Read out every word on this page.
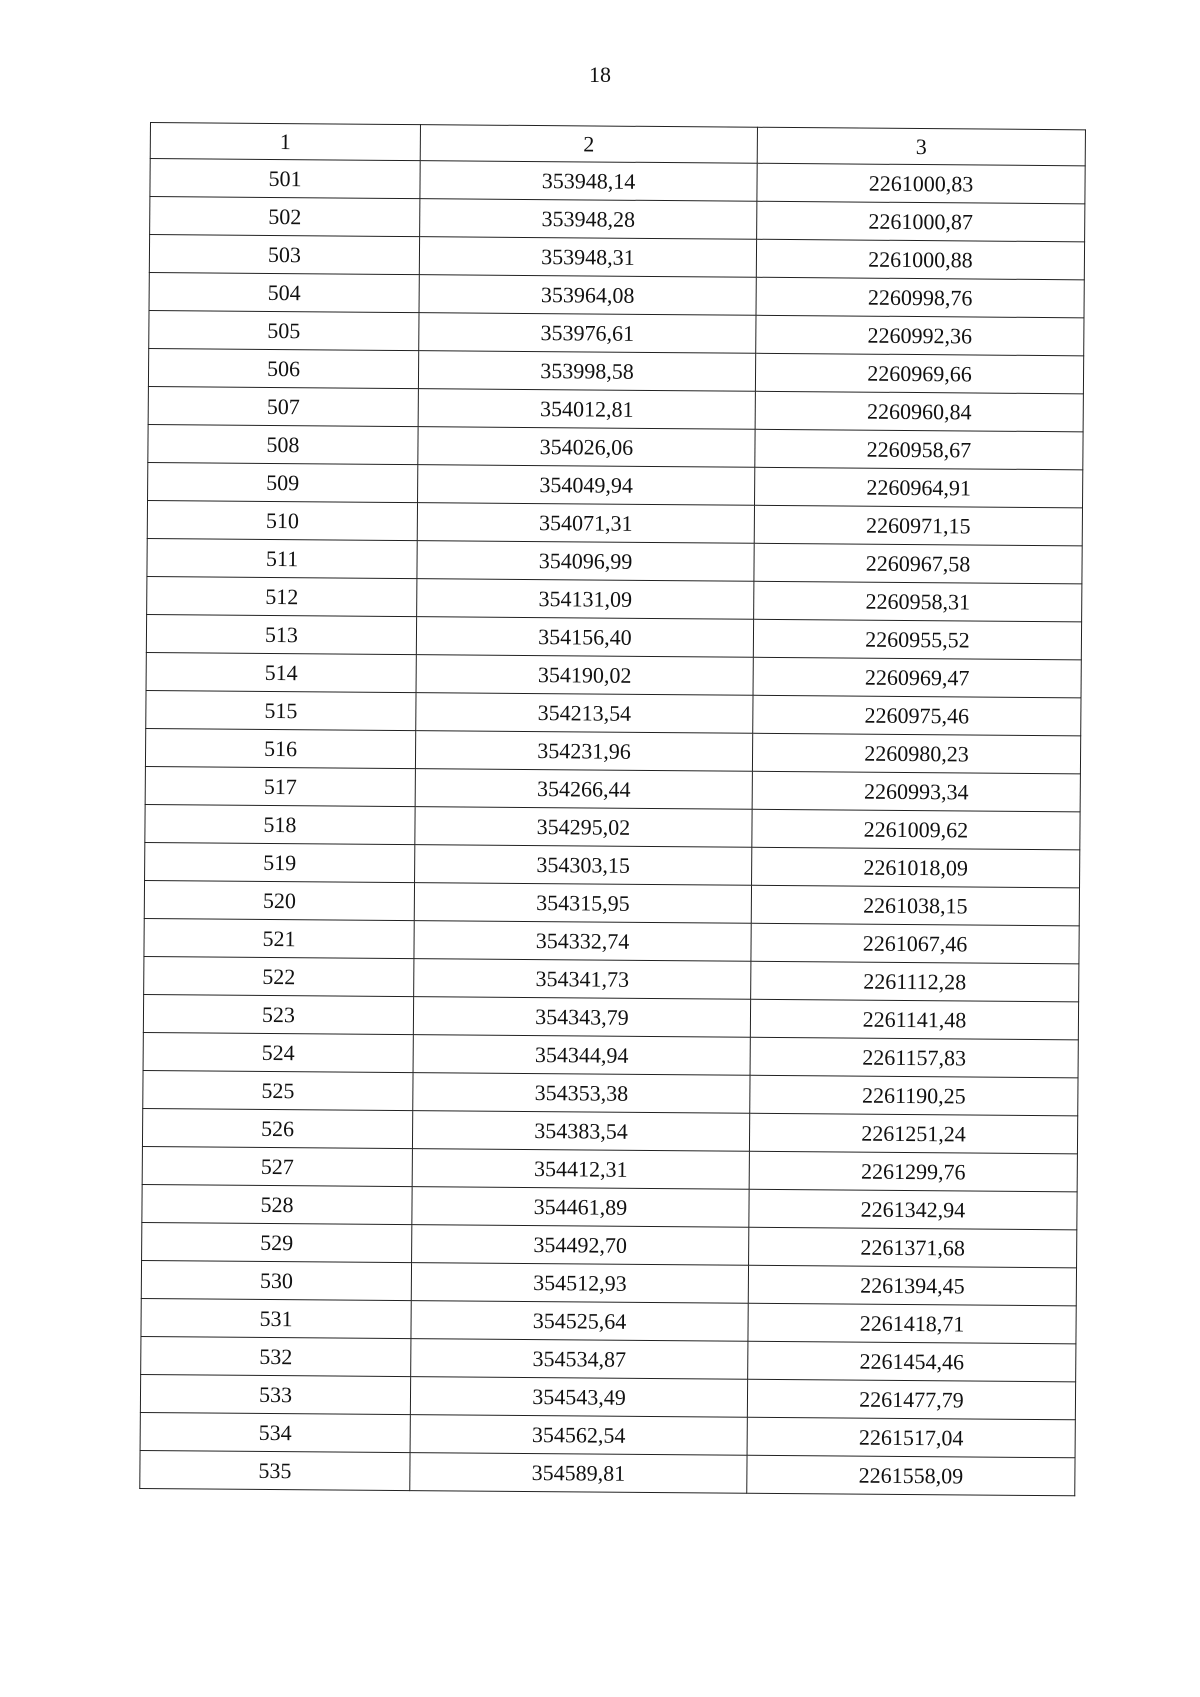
18
1	2	3
501	353948,14	2261000,83
502	353948,28	2261000,87
503	353948,31	2261000,88
504	353964,08	2260998,76
505	353976,61	2260992,36
506	353998,58	2260969,66
507	354012,81	2260960,84
508	354026,06	2260958,67
509	354049,94	2260964,91
510	354071,31	2260971,15
511	354096,99	2260967,58
512	354131,09	2260958,31
513	354156,40	2260955,52
514	354190,02	2260969,47
515	354213,54	2260975,46
516	354231,96	2260980,23
517	354266,44	2260993,34
518	354295,02	2261009,62
519	354303,15	2261018,09
520	354315,95	2261038,15
521	354332,74	2261067,46
522	354341,73	2261112,28
523	354343,79	2261141,48
524	354344,94	2261157,83
525	354353,38	2261190,25
526	354383,54	2261251,24
527	354412,31	2261299,76
528	354461,89	2261342,94
529	354492,70	2261371,68
530	354512,93	2261394,45
531	354525,64	2261418,71
532	354534,87	2261454,46
533	354543,49	2261477,79
534	354562,54	2261517,04
535	354589,81	2261558,09
